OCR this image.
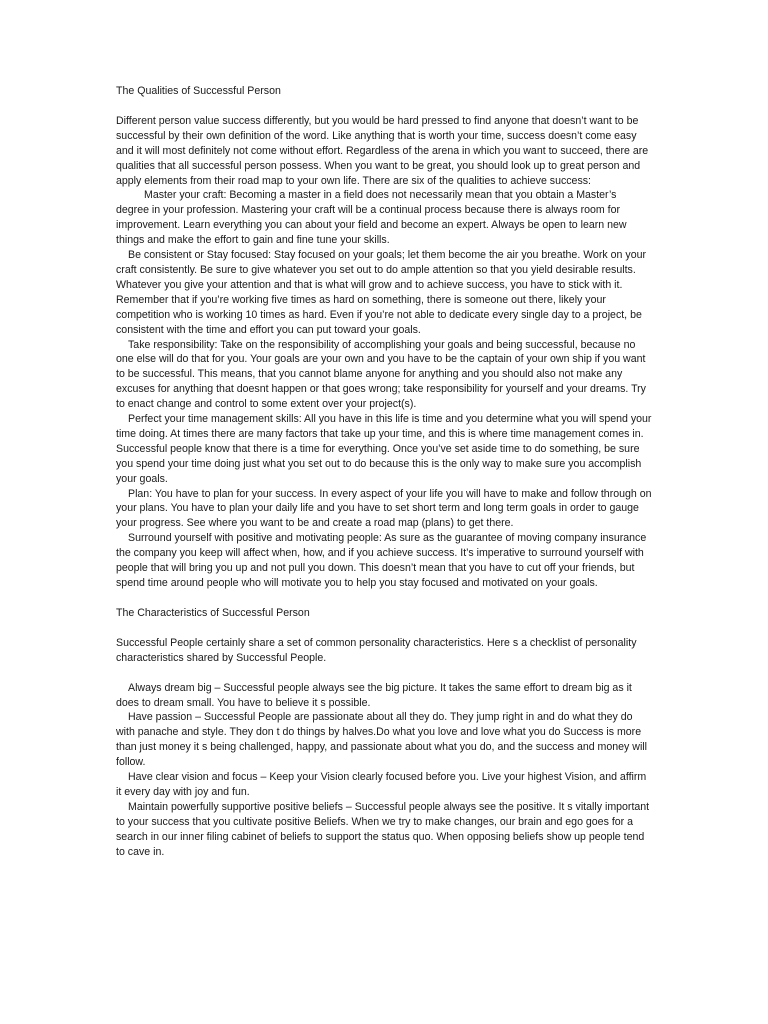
The Qualities of Successful Person

Different person value success differently, but you would be hard pressed to find anyone that doesn’t want to be successful by their own definition of the word. Like anything that is worth your time, success doesn’t come easy and it will most definitely not come without effort. Regardless of the arena in which you want to succeed, there are qualities that all successful person possess. When you want to be great, you should look up to great person and apply elements from their road map to your own life. There are six of the qualities to achieve success:

Master your craft: Becoming a master in a field does not necessarily mean that you obtain a Master’s degree in your profession. Mastering your craft will be a continual process because there is always room for improvement. Learn everything you can about your field and become an expert. Always be open to learn new things and make the effort to gain and fine tune your skills.

Be consistent or Stay focused: Stay focused on your goals; let them become the air you breathe. Work on your craft consistently. Be sure to give whatever you set out to do ample attention so that you yield desirable results. Whatever you give your attention and that is what will grow and to achieve success, you have to stick with it. Remember that if you’re working five times as hard on something, there is someone out there, likely your competition who is working 10 times as hard. Even if you’re not able to dedicate every single day to a project, be consistent with the time and effort you can put toward your goals.

Take responsibility: Take on the responsibility of accomplishing your goals and being successful, because no one else will do that for you. Your goals are your own and you have to be the captain of your own ship if you want to be successful. This means, that you cannot blame anyone for anything and you should also not make any excuses for anything that doesnt happen or that goes wrong; take responsibility for yourself and your dreams. Try to enact change and control to some extent over your project(s).

Perfect your time management skills: All you have in this life is time and you determine what you will spend your time doing. At times there are many factors that take up your time, and this is where time management comes in. Successful people know that there is a time for everything. Once you’ve set aside time to do something, be sure you spend your time doing just what you set out to do because this is the only way to make sure you accomplish your goals.

Plan: You have to plan for your success. In every aspect of your life you will have to make and follow through on your plans. You have to plan your daily life and you have to set short term and long term goals in order to gauge your progress. See where you want to be and create a road map (plans) to get there.

Surround yourself with positive and motivating people: As sure as the guarantee of moving company insurance the company you keep will affect when, how, and if you achieve success. It’s imperative to surround yourself with people that will bring you up and not pull you down. This doesn’t mean that you have to cut off your friends, but spend time around people who will motivate you to help you stay focused and motivated on your goals.

The Characteristics of Successful Person

Successful People certainly share a set of common personality characteristics. Here s a checklist of personality characteristics shared by Successful People.

Always dream big – Successful people always see the big picture. It takes the same effort to dream big as it does to dream small. You have to believe it s possible.

Have passion – Successful People are passionate about all they do. They jump right in and do what they do with panache and style. They don t do things by halves.Do what you love and love what you do Success is more than just money it s being challenged, happy, and passionate about what you do, and the success and money will follow.

Have clear vision and focus – Keep your Vision clearly focused before you. Live your highest Vision, and affirm it every day with joy and fun.

Maintain powerfully supportive positive beliefs – Successful people always see the positive. It s vitally important to your success that you cultivate positive Beliefs. When we try to make changes, our brain and ego goes for a search in our inner filing cabinet of beliefs to support the status quo. When opposing beliefs show up people tend to cave in.
